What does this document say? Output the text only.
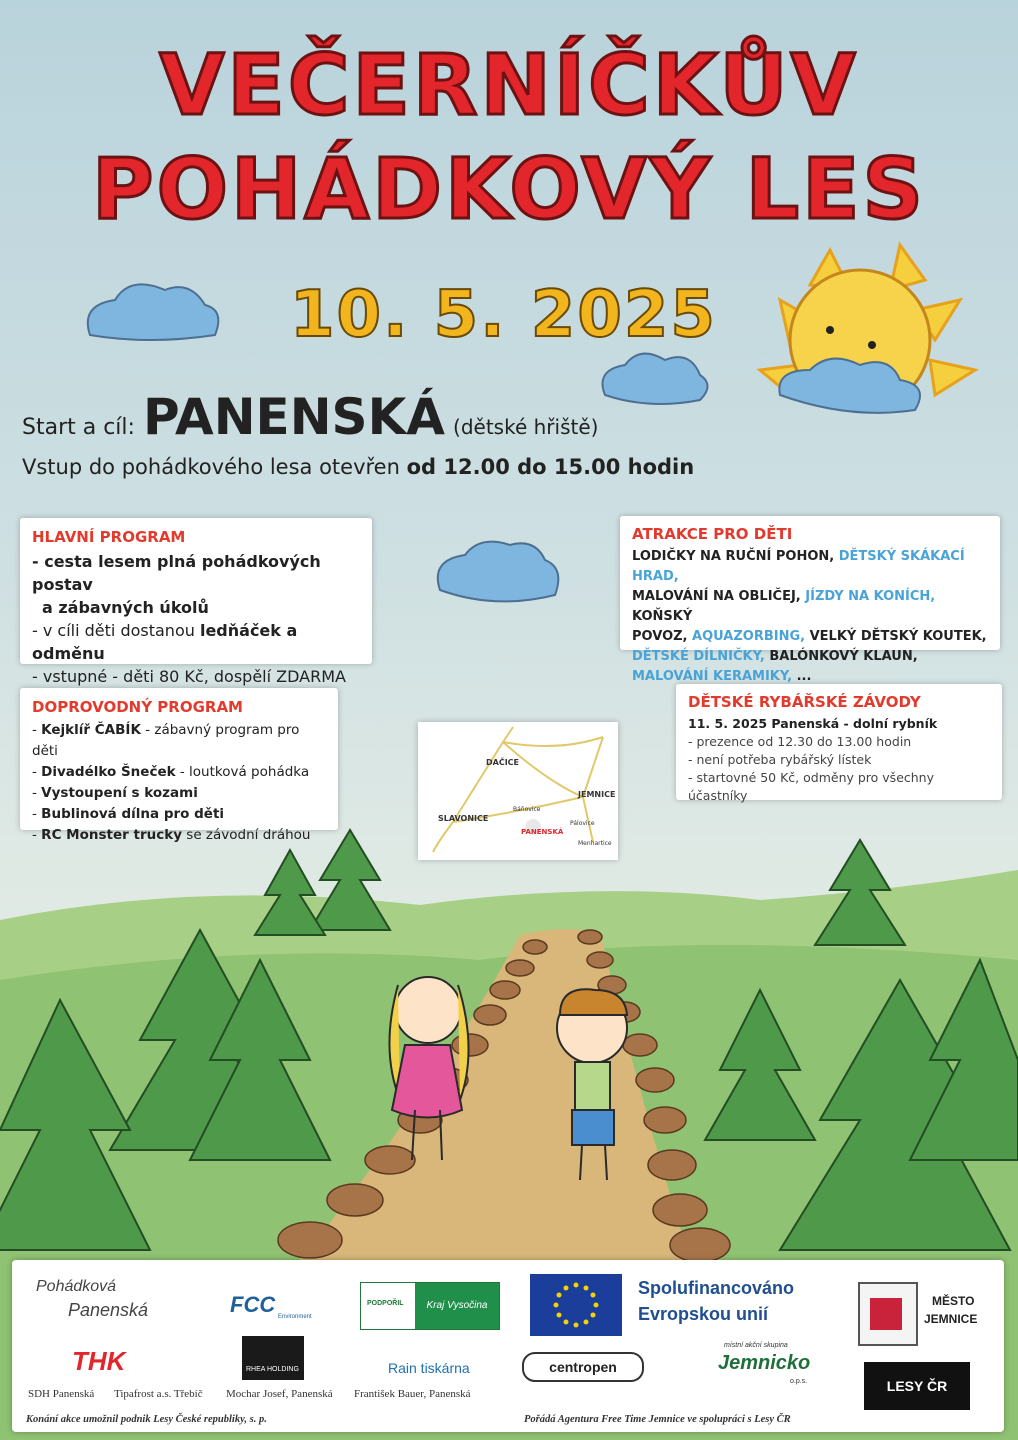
VEČERNÍČKŮV
POHÁDKOVÝ LES
10. 5. 2025
Start a cíl: PANENSKÁ (dětské hřiště)
Vstup do pohádkového lesa otevřen od 12.00 do 15.00 hodin
HLAVNÍ PROGRAM
- cesta lesem plná pohádkových postav
a zábavných úkolů
- v cíli děti dostanou ledňáček a odměnu
- vstupné - děti 80 Kč, dospělí ZDARMA
DOPROVODNÝ PROGRAM
- Kejklíř ČABÍK - zábavný program pro děti
- Divadélko Šneček - loutková pohádka
- Vystoupení s kozami
- Bublinová dílna pro děti
- RC Monster trucky se závodní dráhou
ATRAKCE PRO DĚTI
LODIČKY NA RUČNÍ POHON, DĚTSKÝ SKÁKACÍ HRAD,
MALOVÁNÍ NA OBLIČEJ, JÍZDY NA KONÍCH, KOŇSKÝ
POVOZ, AQUAZORBING, VELKÝ DĚTSKÝ KOUTEK,
DĚTSKÉ DÍLNIČKY, BALÓNKOVÝ KLAUN,
MALOVÁNÍ KERAMIKY, ...
DĚTSKÉ RYBÁŘSKÉ ZÁVODY
11. 5. 2025 Panenská - dolní rybník
- prezence od 12.30 do 13.00 hodin
- není potřeba rybářský lístek
- startovné 50 Kč, odměny pro všechny účastníky
DAČICE
JEMNICE
SLAVONICE
Báňovice
PANENSKÁ
Pálovice
Menhartice
Pohádková
Panenská	FCC Environment
PODPOŘIL	Kraj Vysočina
Spolufinancováno
Evropskou unií
MĚSTO
JEMNICE
THK	RHEA HOLDING	Rain tiskárna	centropen
místní akční skupina
Jemnicko
o.p.s.	LESY ČR
SDH Panenská Tipafrost a.s. Třebíč Mochar Josef, Panenská František Bauer, Panenská
Konání akce umožnil podnik Lesy České republiky, s. p.	Pořádá Agentura Free Time Jemnice ve spolupráci s Lesy ČR
